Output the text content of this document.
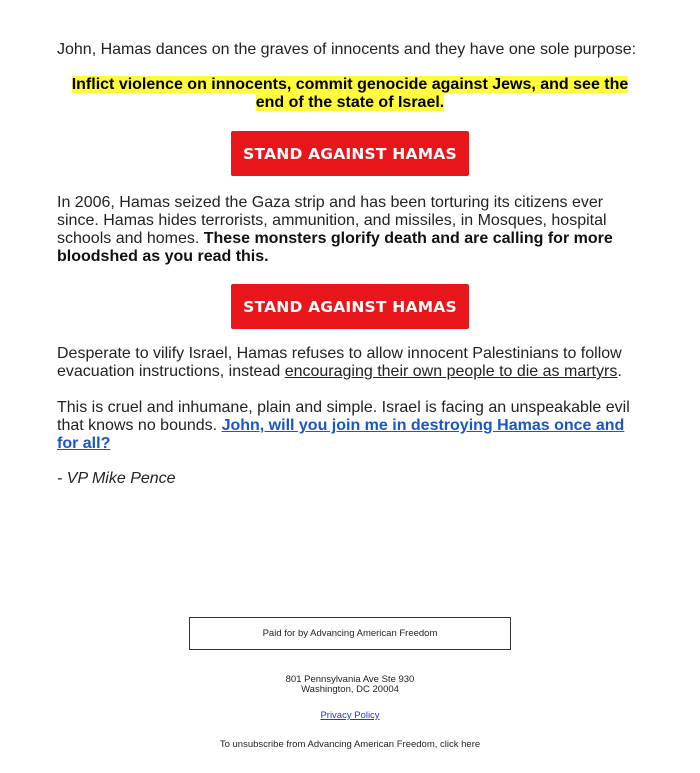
John, Hamas dances on the graves of innocents and they have one sole purpose:

Inflict violence on innocents, commit genocide against Jews, and see the
end of the state of Israel.
STAND AGAINST HAMAS

In 2006, Hamas seized the Gaza strip and has been torturing its citizens ever since. Hamas hides terrorists, ammunition, and missiles, in Mosques, hospital schools and homes. These monsters glorify death and are calling for more bloodshed as you read this.

STAND AGAINST HAMAS

Desperate to vilify Israel, Hamas refuses to allow innocent Palestinians to follow evacuation instructions, instead encouraging their own people to die as martyrs.

This is cruel and inhumane, plain and simple. Israel is facing an unspeakable evil that knows no bounds. John, will you join me in destroying Hamas once and for all?

- VP Mike Pence

Paid for by Advancing American Freedom
801 Pennsylvania Ave Ste 930
Washington, DC 20004
Privacy Policy
To unsubscribe from Advancing American Freedom, click here
